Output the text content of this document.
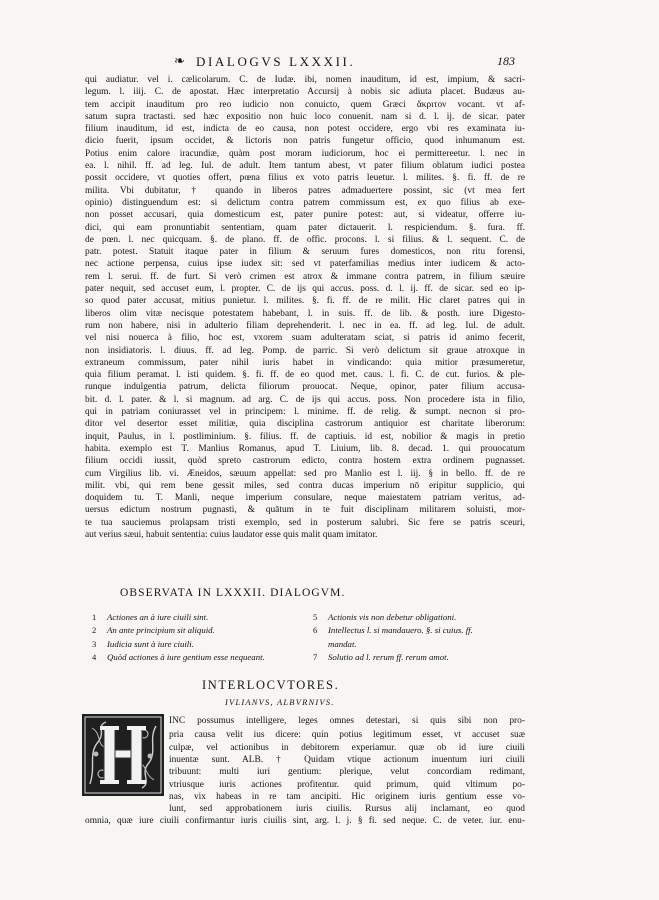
❧ DIALOGVS LXXXII.	183
qui audiatur. vel i. cælicolarum. C. de Iudæ. ibi, nomen inauditum, id est, impium, & sacri-
legum. l. iiij. C. de apostat. Hæc interpretatio Accursij à nobis sic adiuta placet. Budæus au-
tem accipit inauditum pro reo iudicio non conuicto, quem Græci ἄκριτον vocant. vt af-
satum supra tractasti. sed hæc expositio non huic loco conuenit. nam si d. l. ij. de sicar. pater
filium inauditum, id est, indicta de eo causa, non potest occidere, ergo vbi res examinata iu-
dicio fuerit, ipsum occidet, & lictoris non patris fungetur officio, quod inhumanum est.
Potius enim calore iracundiæ, quàm post moram iudiciorum, hoc ei permittereetur. l. nec in
ea. l. nihil. ff. ad leg. Iul. de adult. Item tantum abest, vt pater filium oblatum iudici postea
possit occidere, vt quoties offert, pœna filius ex voto patris leuetur. l. milites. §. fi. ff. de re
milita. Vbi dubitatur, † quando in liberos patres admaduertere possint, sic (vt mea fert
opinio) distinguendum est: si delictum contra patrem commissum est, ex quo filius ab exe-
non posset accusari, quia domesticum est, pater punire potest: aut, si videatur, offerre iu-
dici, qui eam pronuntiabit sententiam, quam pater dictauerit. l. respiciendum. §. fura. ff.
de pœn. l. nec quicquam. §. de plano. ff. de offic. procons. l. si filius. & l. sequent. C. de
patr. potest. Statuit itaque pater in filium & seruum fures domesticos, non ritu forensi,
nec actione perpensa, cuius ipse iudex sit: sed vt paterfamilias medius inter iudicem & acto-
rem l. serui. ff. de furt. Si verò crimen est atrox & immane contra patrem, in filium sæuire
pater nequit, sed accuset eum, l. propter. C. de ijs qui accus. poss. d. l. ij. ff. de sicar. sed eo ip-
so quod pater accusat, mitius punietur. l. milites. §. fi. ff. de re milit. Hic claret patres qui in
liberos olim vitæ necisque potestatem habebant, l. in suis. ff. de lib. & posth. iure Digesto-
rum non habere, nisi in adulterio filiam deprehenderit. l. nec in ea. ff. ad leg. Iul. de adult.
vel nisi nouerca à filio, hoc est, vxorem suam adulteratam sciat, si patris id animo fecerit,
non insidiatoris. l. diuus. ff. ad leg. Pomp. de parric. Si verò delictum sit graue atroxque in
extraneum commissum, pater nihil iuris habet in vindicando: quia mitior præsumeretur,
quia filium peramat. l. isti quidem. §. fi. ff. de eo quod met. caus. l. fi. C. de cut. furios. & ple-
runque indulgentia patrum, delicta filiorum prouocat. Neque, opinor, pater filium accusa-
bit. d. l. pater. & l. si magnum. ad arg. C. de ijs qui accus. poss. Non procedere ista in filio,
qui in patriam coniurasset vel in principem: l. minime. ff. de relig. & sumpt. necnon si pro-
ditor vel desertor esset militiæ, quia disciplina castrorum antiquior est charitate liberorum:
inquit, Paulus, in l. postliminium. §. filius. ff. de captiuis. id est, nobilior & magis in pretio
habita. exemplo est T. Manlius Romanus, apud T. Liuium, lib. 8. decad. 1. qui prouocatum
filium occidi iussit, quòd spreto castrorum edicto, contra hostem extra ordinem pugnasset.
cum Virgilius lib. vi. Æneidos, sæuum appellat: sed pro Manlio est l. iij. § in bello. ff. de re
milit. vbi, qui rem bene gessit miles, sed contra ducas imperium nō eripitur supplicio, qui
doquidem tu. T. Manli, neque imperium consulare, neque maiestatem patriam veritus, ad-
uersus edictum nostrum pugnasti, & quātum in te fuit disciplinam militarem soluisti, mor-
te tua sauciemus prolapsam tristi exemplo, sed in posterum salubri. Sic fere se patris sceuri,
aut verius sæui, habuit sententia: cuius laudator esse quis malit quam imitator.
OBSERVATA IN LXXXII. DIALOGVM.
1	Actiones an à iure ciuili sint.
2	An ante principium sit aliquid.
3	Iudicia sunt à iure ciuili.
4	Quòd actiones à iure gentium esse nequeant.
5	Actionis vis non debetur obligationi.
6	Intellectus l. si mandauero. §. si cuius. ff.
mandat.
7	Solutio ad l. rerum ff. rerum amot.
INTERLOCVTORES.
IVLIANVS, ALBVRNIVS.
INC possumus intelligere, leges omnes detestari, si quis sibi non pro-
pria causa velit ius dicere: quin potius legitimum esset, vt accuset suæ
culpæ, vel actionibus in debitorem experiamur. quæ ob id iure ciuili
inuentæ sunt. ALB. † Quidam vtique actionum inuentum iuri ciuili
tribuunt: multi iuri gentium: plerique, velut concordiam redimant,
vtriusque iuris actiones profitentur. quid primum, quid vltimum po-
nas, vix habeas in re tam ancipiti. Hic originem iuris gentium esse vo-
lunt, sed approbationem iuris ciuilis. Rursus alij inclamant, eo quod
omnia, quæ iure ciuili confirmantur iuris ciuilis sint, arg. l. j. § fi. sed neque. C. de veter. iur. enu-
